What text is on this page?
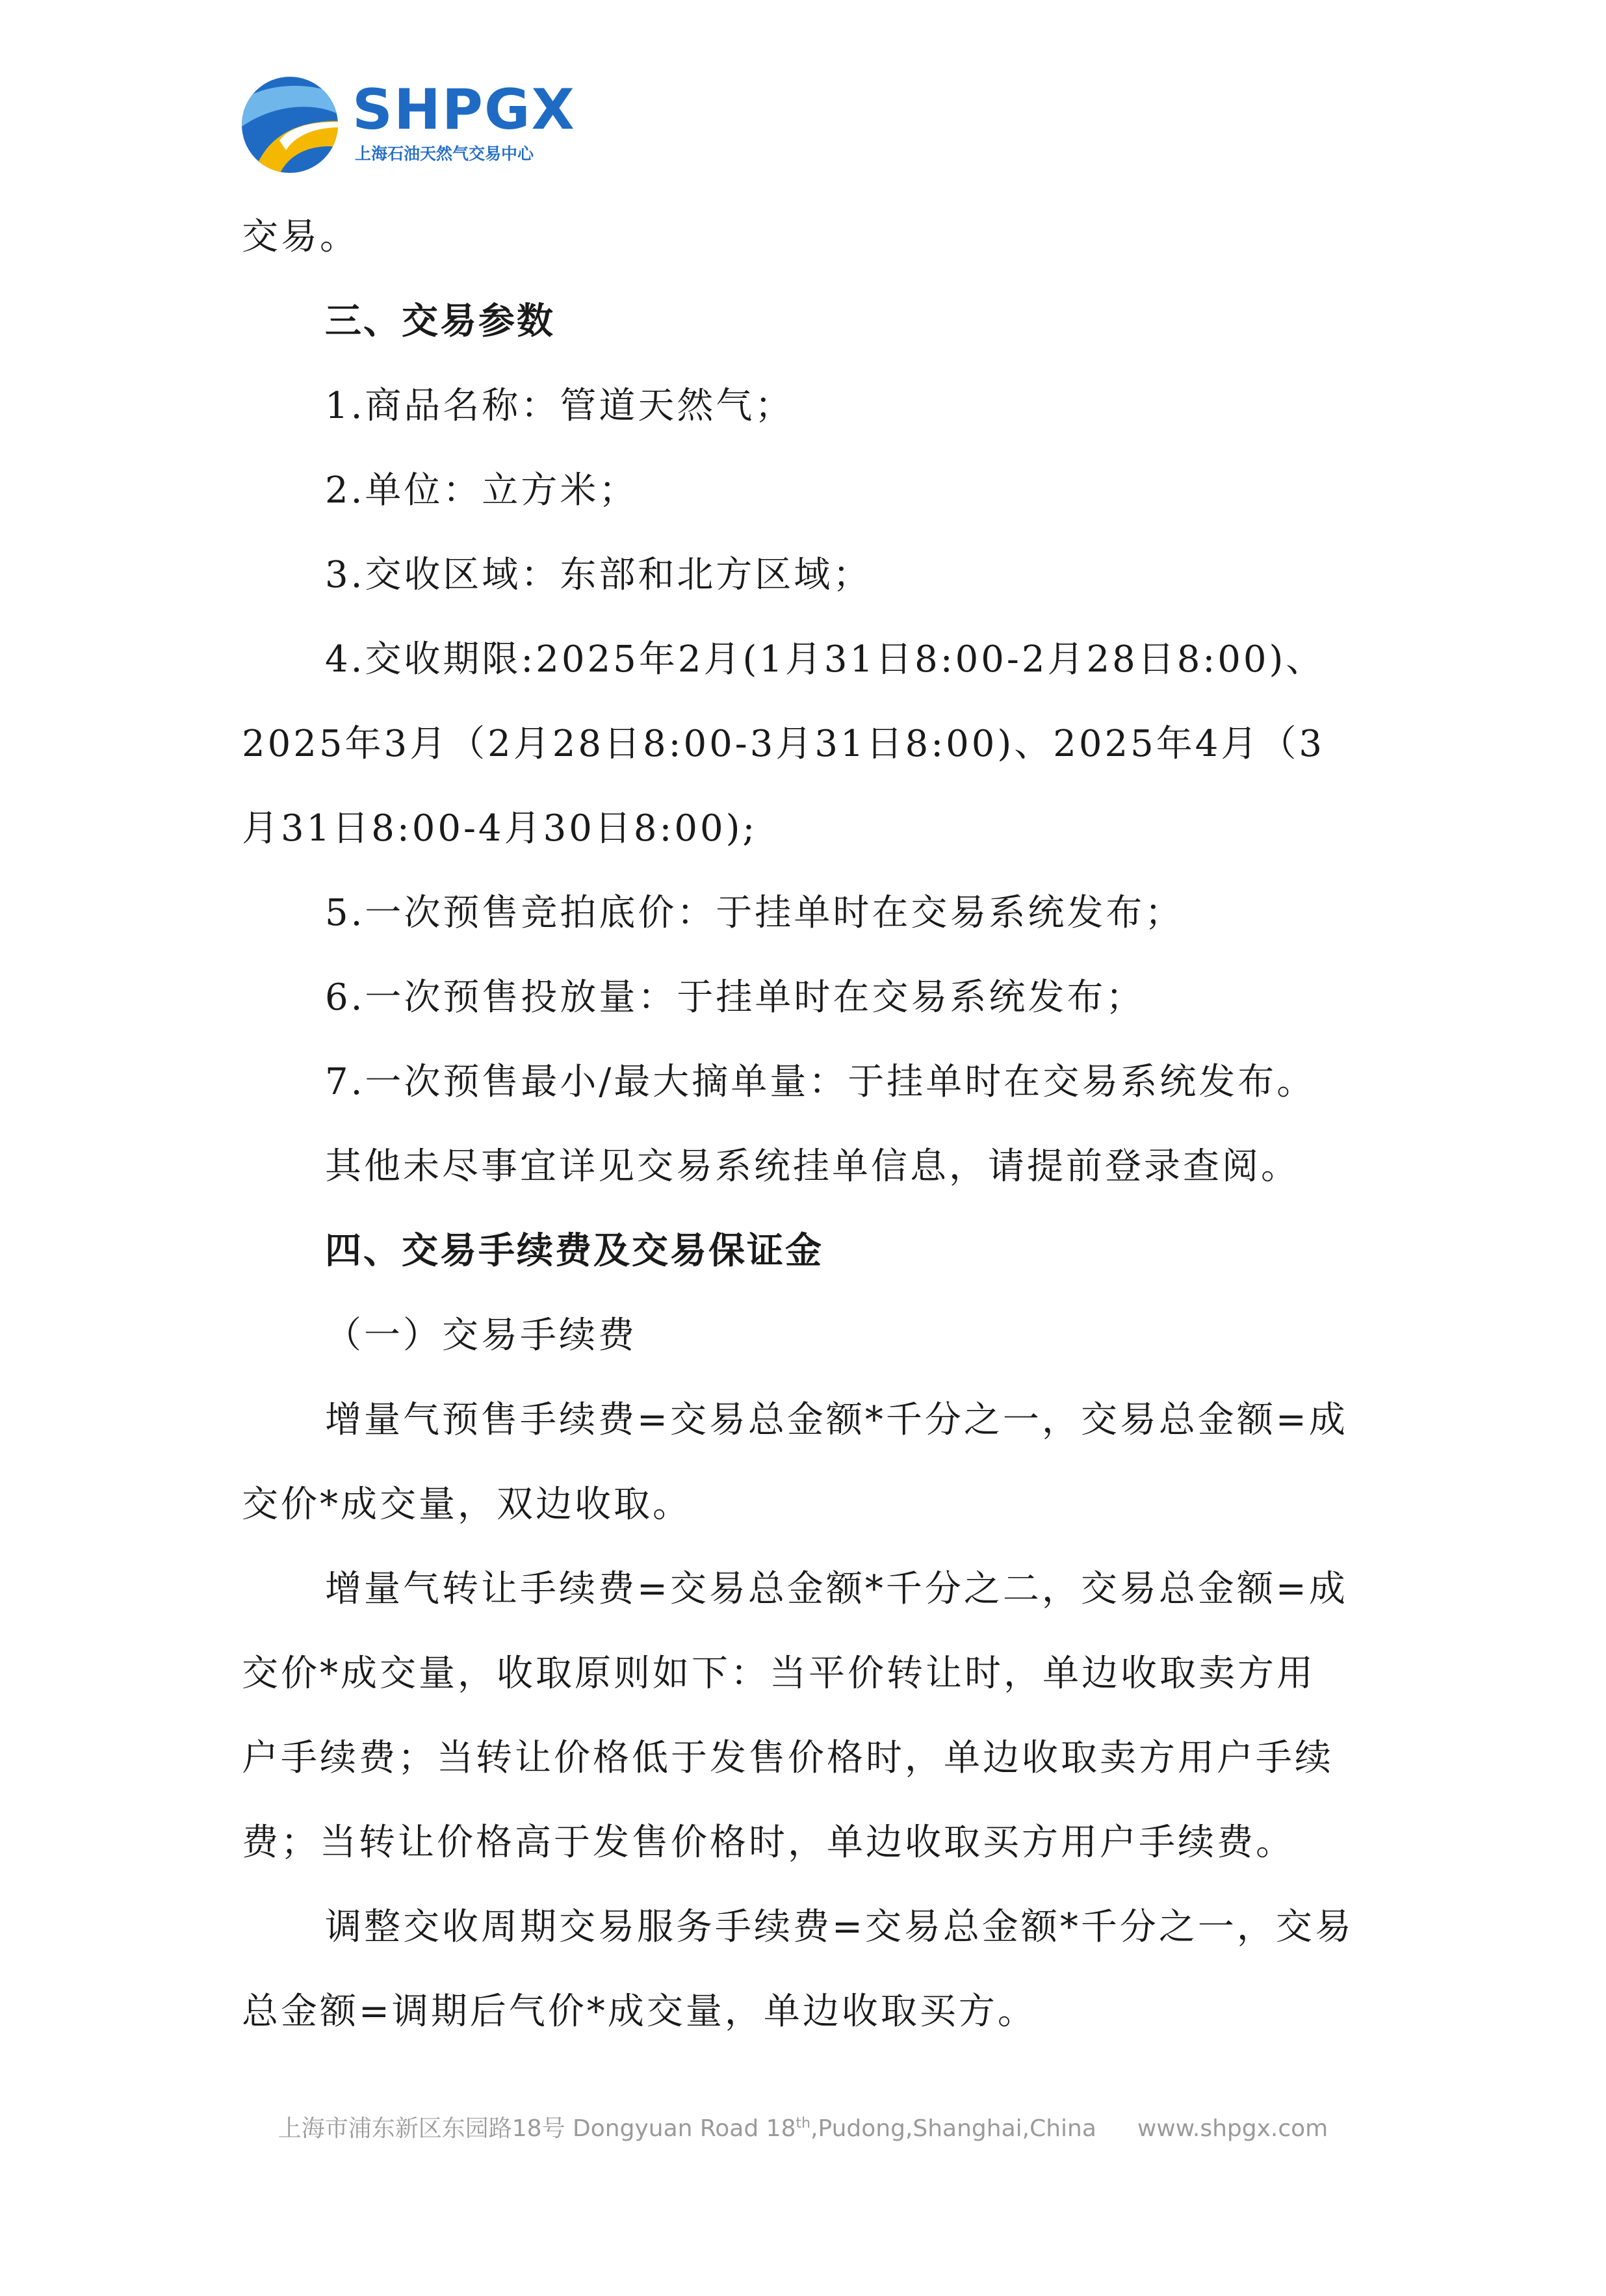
SHPGX
上海石油天然气交易中心
交易。
三、交易参数
1.商品名称：管道天然气；
2.单位：立方米；
3.交收区域：东部和北方区域；
4.交收期限:2025年2月(1月31日8:00-2月28日8:00)、
2025年3月（2月28日8:00-3月31日8:00)、2025年4月（3
月31日8:00-4月30日8:00);
5.一次预售竞拍底价：于挂单时在交易系统发布；
6.一次预售投放量：于挂单时在交易系统发布；
7.一次预售最小/最大摘单量：于挂单时在交易系统发布。
其他未尽事宜详见交易系统挂单信息，请提前登录查阅。
四、交易手续费及交易保证金
（一）交易手续费
增量气预售手续费=交易总金额*千分之一，交易总金额=成
交价*成交量，双边收取。
增量气转让手续费=交易总金额*千分之二，交易总金额=成
交价*成交量，收取原则如下：当平价转让时，单边收取卖方用
户手续费；当转让价格低于发售价格时，单边收取卖方用户手续
费；当转让价格高于发售价格时，单边收取买方用户手续费。
调整交收周期交易服务手续费=交易总金额*千分之一，交易
总金额=调期后气价*成交量，单边收取买方。
上海市浦东新区东园路18号 Dongyuan Road 18th,Pudong,Shanghai,China www.shpgx.com
